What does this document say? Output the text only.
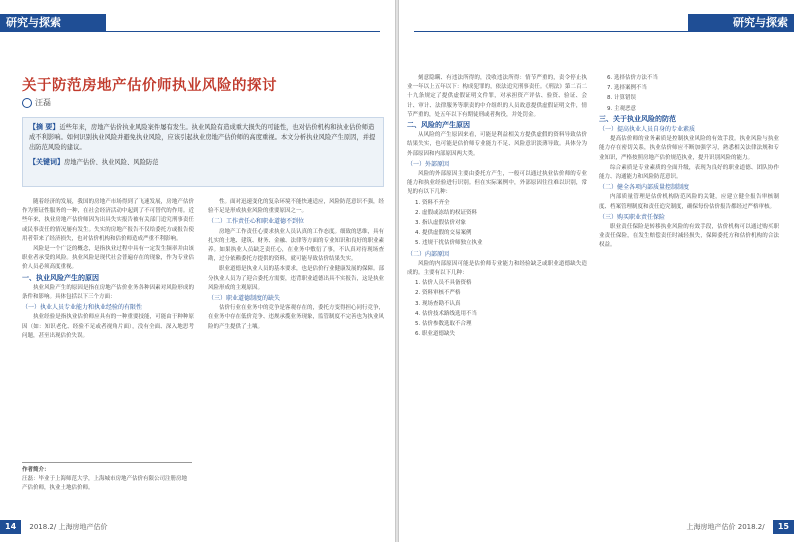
研究与探索RESEARCH
关于防范房地产估价师执业风险的探讨
汪磊
【摘 要】近些年来，房地产估价执业风险案件屡有发生。执业风险有造成重大损失的可能性，也对估价机构和执业估价师造成不利影响。如何识别执业风险并避免执业风险，应该引起执业房地产估价师的高度重视。本文分析执业风险产生原因，并提出防范风险的建议。
【关键词】房地产估价、执业风险、风险防范

随着经济的发展，我国的房地产市场得到了飞速发展，房地产估价作为鉴证性服务的一种，在社会经济活动中起到了不可替代的作用。近些年来，执业房地产估价师因为出具失实报告被有关部门追究刑事责任或民事责任的情况屡有发生。失实的房地产报告不仅给委托方或报告使用者带来了经济损失，也对估价机构和估价师造成严重不利影响。

风险是一个广泛的概念，是指执业过程中具有一定发生频率并由该职业者承受的风险。执业风险是现代社会普遍存在的现象，作为专业估价人员必须高度重视。

一、执业风险产生的原因

执业风险产生的原因是指在房地产估价业务各种因素对风险形成的条件和影响。具体包括以下三个方面：

（一）执业人员专业能力和执业经验的有限性

执业经验是指执业估价师应具有的一种重要技能，可能由于种种原因（如：知识老化、经验不足或者视角片面），没有全面、深入地思考问题，甚至出现估价失误。

作者简介：
汪磊：毕业于上海师范大学，上海城市房地产估价有限公司注册房地产估价师，执业土地估价师。

性。面对迅速变化的复杂环境不能快速适应，风险防范意识不强，经验不足是形成执业风险的重要原因之一。

（二）工作责任心和职业道德不到位

房地产工作责任心要求执业人员认真的工作态度。细致的思维，具有扎实的土地、建筑、财务、金融、法律等方面的专业知识和良好的职业素养。如果执业人员缺乏责任心，在业务中敷衍了事，不认真对待现场查勘，过分依赖委托方提供的资料，就可能导致估价结果失实。

职业道德是执业人员的基本要求，也是估价行业健康发展的保障。部分执业人员为了迎合委托方需要，违背职业道德出具不实报告，这是执业风险形成的主观原因。

（三）职业道德制度的缺失

估价行业在业务中的竞争是客观存在的，委托方变得担心同行竞争，在业务中存在低价竞争、违规承揽业务现象，监管制度不完善也为执业风险的产生提供了土壤。

14 2018.2/ 上海房地产估价
研究与探索RESEARCH

刻意隐瞒、有违法所得的，没收违法所得：情节严重的，责令停止执业一年以上五年以下：构成犯罪的，依法追究刑事责任。《刑法》第二百二十九条规定了提供虚假证明文件罪，对承担资产评估、验资、验证、会计、审计、法律服务等职责的中介组织的人员故意提供虚假证明文件，情节严重的，处五年以下有期徒刑或者拘役，并处罚金。

二、风险的产生原因

从风险的产生原因来看，可能是利益相关方提供虚假的资料导致估价结果失实，也可能是估价师专业能力不足、风险意识淡薄导致。具体分为外部原因和内部原因两大类。

（一）外部原因

风险的外部原因主要由委托方产生，一般可以通过执业估价师的专业能力和执业经验进行识别。但在实际案例中，外部原因往往难以识别，常见的有以下几种：

1. 资料不齐全

2. 虚假或冻结的权证资料

3. 指认虚假估价对象

4. 提供虚假的交易案例

5. 违规干扰估价师独立执业

（二）内部原因

风险的内部原因可能是估价师专业能力和经验缺乏或职业道德缺失造成的。主要有以下几种：

1. 估价人员不具备资格

2. 资料审核不严格

3. 现场查勘不认真

4. 估价技术路线选用不当

5. 估价参数选取不合理

6. 职业道德缺失

6. 选择估价方法不当

7. 选择案例不当

8. 计算错误

9. 主观恶意

三、关于执业风险的防范

（一）提高执业人员自身的专业素质

提高估价师的业务素质是控制执业风险的有效手段。执业风险与执业能力存在密切关系，执业估价师应不断加强学习，熟悉相关法律法规和专业知识，严格按照房地产估价规范执业，提升识别风险的能力。

综合素质是专业素质的全面升级，表现为良好的职业道德、团队协作能力、沟通能力和风险防范意识。

（二）健全各项内部质量控制制度

内部质量管理是估价机构防范风险的关键，应建立健全报告审核制度、档案管理制度和责任追究制度，确保每份估价报告都经过严格审核。

（三）购买职业责任保险

职业责任保险是转移执业风险的有效手段，估价机构可以通过购买职业责任保险，在发生赔偿责任时减轻损失，保障委托方和估价机构的合法权益。

上海房地产估价 2018.2/ 15
